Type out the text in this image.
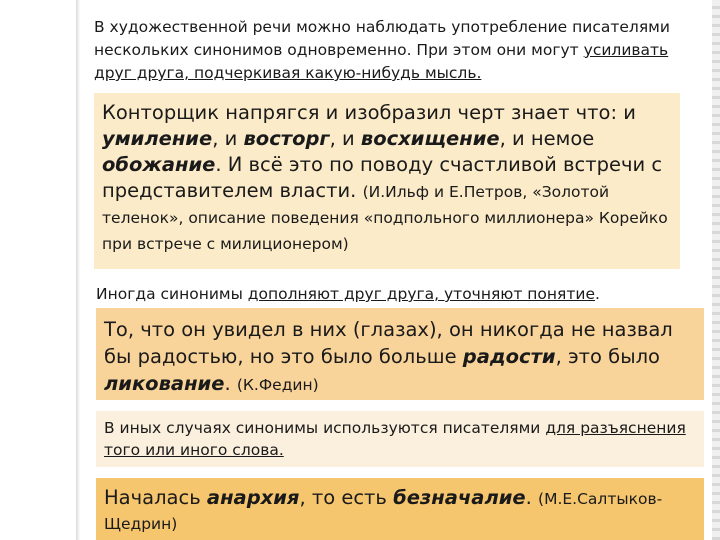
В художественной речи можно наблюдать употребление писателями нескольких синонимов одновременно. При этом они могут усиливать друг друга, подчеркивая какую-нибудь мысль.

Конторщик напрягся и изобразил черт знает что: и умиление, и восторг, и восхищение, и немое обожание. И всё это по поводу счастливой встречи с представителем власти. (И.Ильф и Е.Петров, «Золотой теленок», описание поведения «подпольного миллионера» Корейко при встрече с милиционером)

Иногда синонимы дополняют друг друга, уточняют понятие.

То, что он увидел в них (глазах), он никогда не назвал бы радостью, но это было больше радости, это было ликование. (К.Федин)

В иных случаях синонимы используются писателями для разъяснения того или иного слова.

Началась анархия, то есть безначалие. (М.Е.Салтыков-Щедрин)
